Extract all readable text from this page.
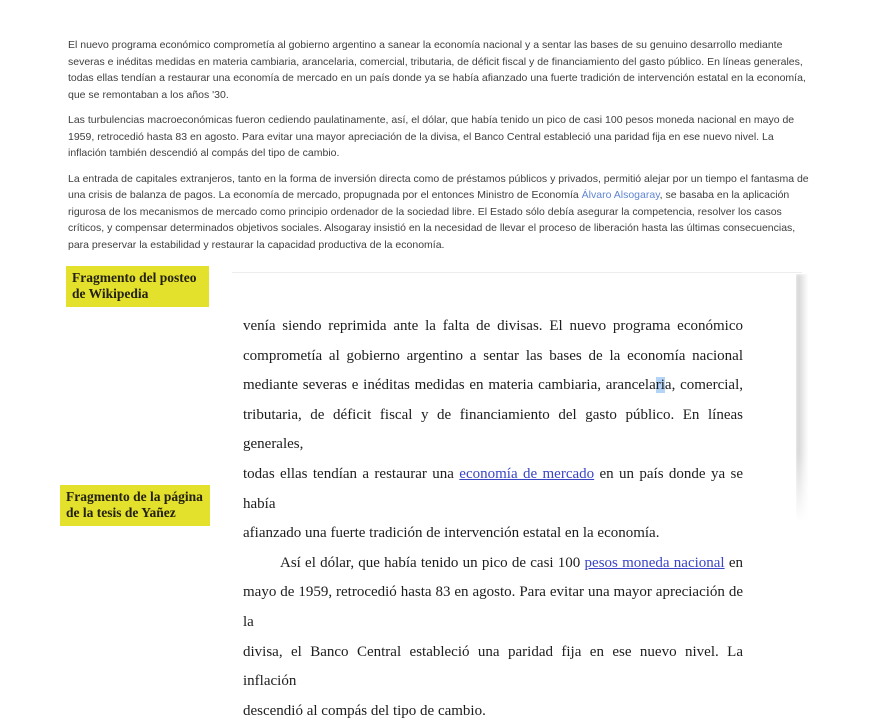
El nuevo programa económico comprometía al gobierno argentino a sanear la economía nacional y a sentar las bases de su genuino desarrollo mediante severas e inéditas medidas en materia cambiaria, arancelaria, comercial, tributaria, de déficit fiscal y de financiamiento del gasto público. En líneas generales, todas ellas tendían a restaurar una economía de mercado en un país donde ya se había afianzado una fuerte tradición de intervención estatal en la economía, que se remontaban a los años '30.

Las turbulencias macroeconómicas fueron cediendo paulatinamente, así, el dólar, que había tenido un pico de casi 100 pesos moneda nacional en mayo de 1959, retrocedió hasta 83 en agosto. Para evitar una mayor apreciación de la divisa, el Banco Central estableció una paridad fija en ese nuevo nivel. La inflación también descendió al compás del tipo de cambio.

La entrada de capitales extranjeros, tanto en la forma de inversión directa como de préstamos públicos y privados, permitió alejar por un tiempo el fantasma de una crisis de balanza de pagos. La economía de mercado, propugnada por el entonces Ministro de Economía Álvaro Alsogaray, se basaba en la aplicación rigurosa de los mecanismos de mercado como principio ordenador de la sociedad libre. El Estado sólo debía asegurar la competencia, resolver los casos críticos, y compensar determinados objetivos sociales. Alsogaray insistió en la necesidad de llevar el proceso de liberación hasta las últimas consecuencias, para preservar la estabilidad y restaurar la capacidad productiva de la economía.

Fragmento del posteo de Wikipedia
Fragmento de la página de la tesis de Yañez
venía siendo reprimida ante la falta de divisas. El nuevo programa económico
comprometía al gobierno argentino a sentar las bases de la economía nacional
mediante severas e inéditas medidas en materia cambiaria, arancelaria, comercial,
tributaria, de déficit fiscal y de financiamiento del gasto público. En líneas generales,
todas ellas tendían a restaurar una economía de mercado en un país donde ya se había
afianzado una fuerte tradición de intervención estatal en la economía.
Así el dólar, que había tenido un pico de casi 100 pesos moneda nacional en
mayo de 1959, retrocedió hasta 83 en agosto. Para evitar una mayor apreciación de la
divisa, el Banco Central estableció una paridad fija en ese nuevo nivel. La inflación
descendió al compás del tipo de cambio.
